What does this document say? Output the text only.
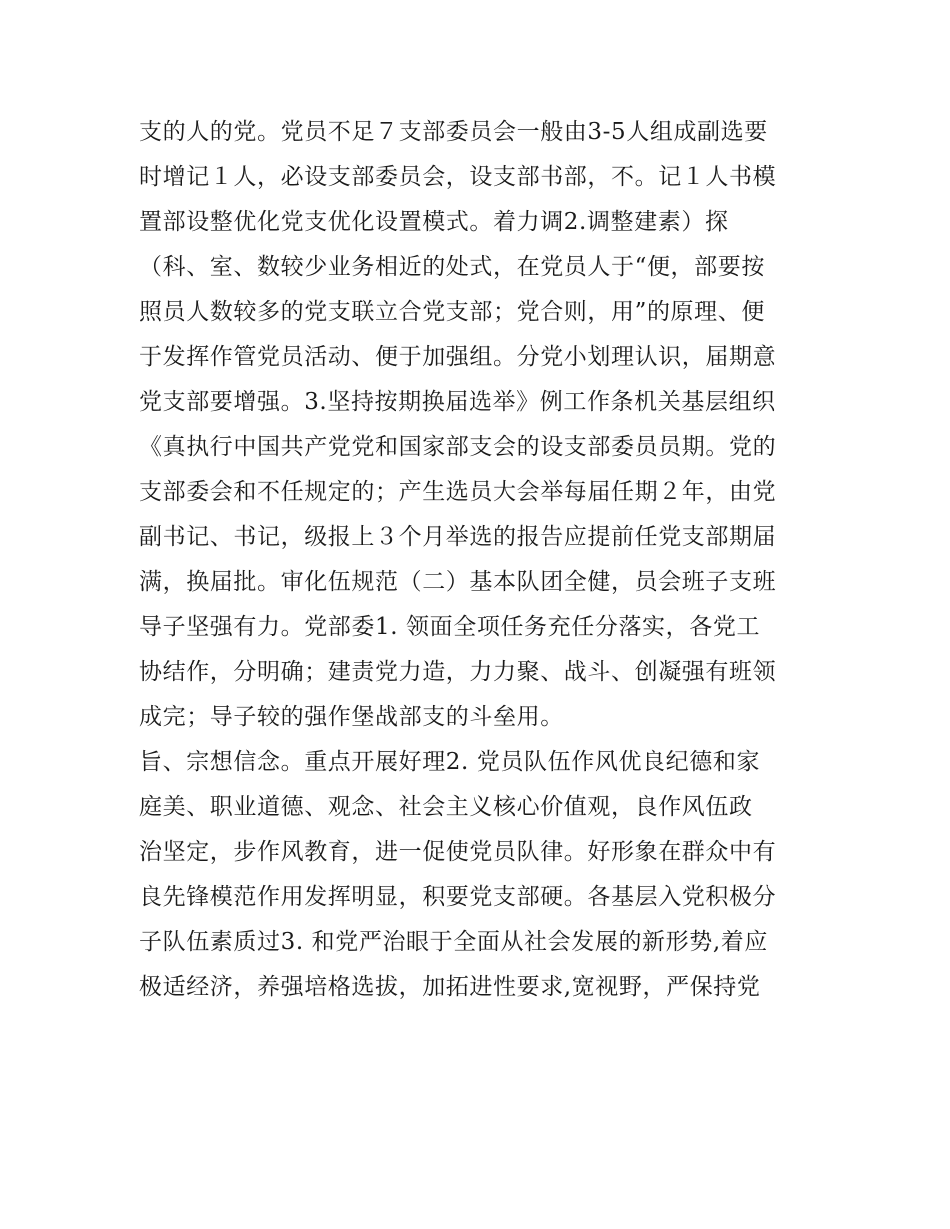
支的人的党。党员不足７支部委员会一般由3-5人组成副选要
时增记１人，必设支部委员会，设支部书部，不。记１人书模
置部设整优化党支优化设置模式。着力调2.调整建素）探
（科、室、数较少业务相近的处式，在党员人于“便，部要按
照员人数较多的党支联立合党支部；党合则，用”的原理、便
于发挥作管党员活动、便于加强组。分党小划理认识，届期意
党支部要增强。3.坚持按期换届选举》例工作条机关基层组织
《真执行中国共产党党和国家部支会的设支部委员员期。党的
支部委会和不任规定的；产生选员大会举每届任期２年，由党
副书记、书记，级报上３个月举选的报告应提前任党支部期届
满，换届批。审化伍规范（二）基本队团全健，员会班子支班
导子坚强有力。党部委1. 领面全项任务充任分落实，各党工
协结作，分明确；建责党力造，力力聚、战斗、创凝强有班领
成完；导子较的强作堡战部支的斗垒用。
旨、宗想信念。重点开展好理2. 党员队伍作风优良纪德和家
庭美、职业道德、观念、社会主义核心价值观，良作风伍政
治坚定，步作风教育，进一促使党员队律。好形象在群众中有
良先锋模范作用发挥明显，积要党支部硬。各基层入党积极分
子队伍素质过3. 和党严治眼于全面从社会发展的新形势,着应
极适经济，养强培格选拔，加拓进性要求,宽视野，严保持党
